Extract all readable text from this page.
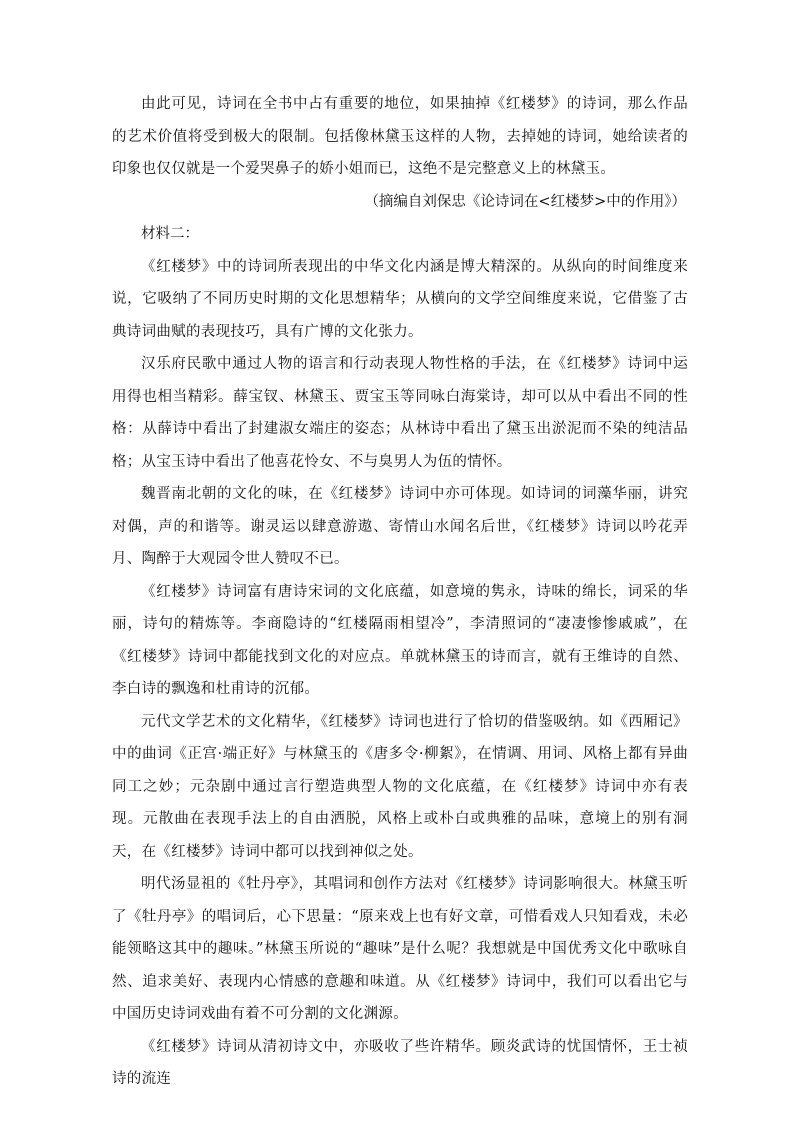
由此可见，诗词在全书中占有重要的地位，如果抽掉《红楼梦》的诗词，那么作品的艺术价值将受到极大的限制。包括像林黛玉这样的人物，去掉她的诗词，她给读者的印象也仅仅就是一个爱哭鼻子的娇小姐而已，这绝不是完整意义上的林黛玉。

（摘编自刘保忠《论诗词在<红楼梦>中的作用》）

材料二：

《红楼梦》中的诗词所表现出的中华文化内涵是博大精深的。从纵向的时间维度来说，它吸纳了不同历史时期的文化思想精华；从横向的文学空间维度来说，它借鉴了古典诗词曲赋的表现技巧，具有广博的文化张力。

汉乐府民歌中通过人物的语言和行动表现人物性格的手法，在《红楼梦》诗词中运用得也相当精彩。薛宝钗、林黛玉、贾宝玉等同咏白海棠诗，却可以从中看出不同的性格：从薛诗中看出了封建淑女端庄的姿态；从林诗中看出了黛玉出淤泥而不染的纯洁品格；从宝玉诗中看出了他喜花怜女、不与臭男人为伍的情怀。

魏晋南北朝的文化的味，在《红楼梦》诗词中亦可体现。如诗词的词藻华丽，讲究对偶，声的和谐等。谢灵运以肆意游遨、寄情山水闻名后世，《红楼梦》诗词以吟花弄月、陶醉于大观园令世人赞叹不已。

《红楼梦》诗词富有唐诗宋词的文化底蕴，如意境的隽永，诗味的绵长，词采的华丽，诗句的精炼等。李商隐诗的“红楼隔雨相望冷”，李清照词的“凄凄惨惨戚戚”，在《红楼梦》诗词中都能找到文化的对应点。单就林黛玉的诗而言，就有王维诗的自然、李白诗的飘逸和杜甫诗的沉郁。

元代文学艺术的文化精华，《红楼梦》诗词也进行了恰切的借鉴吸纳。如《西厢记》中的曲词《正宫·端正好》与林黛玉的《唐多令·柳絮》，在情调、用词、风格上都有异曲同工之妙；元杂剧中通过言行塑造典型人物的文化底蕴，在《红楼梦》诗词中亦有表现。元散曲在表现手法上的自由洒脱，风格上或朴白或典雅的品味，意境上的别有洞天，在《红楼梦》诗词中都可以找到神似之处。

明代汤显祖的《牡丹亭》，其唱词和创作方法对《红楼梦》诗词影响很大。林黛玉听了《牡丹亭》的唱词后，心下思量：“原来戏上也有好文章，可惜看戏人只知看戏，未必能领略这其中的趣味。”林黛玉所说的“趣味”是什么呢？我想就是中国优秀文化中歌咏自然、追求美好、表现内心情感的意趣和味道。从《红楼梦》诗词中，我们可以看出它与中国历史诗词戏曲有着不可分割的文化渊源。

《红楼梦》诗词从清初诗文中，亦吸收了些许精华。顾炎武诗的忧国情怀，王士祯诗的流连
